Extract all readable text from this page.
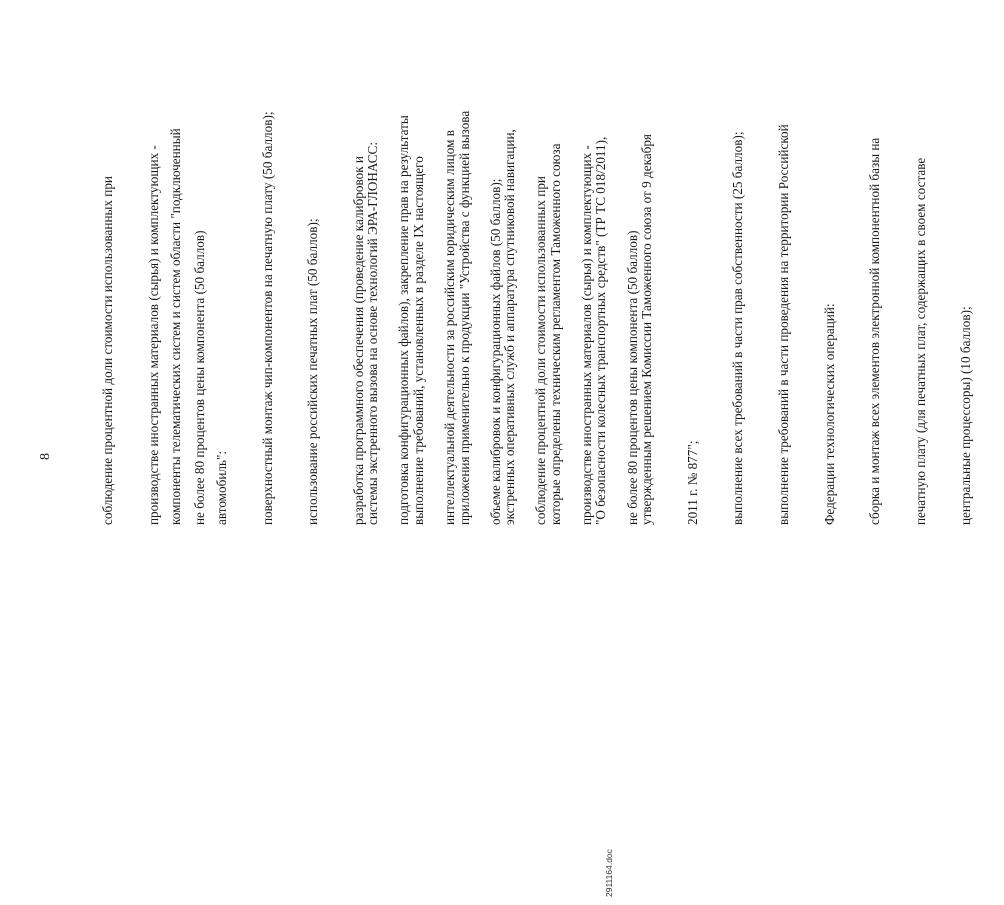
8

	соблюдение процентной доли стоимости использованных при

производстве иностранных материалов (сырья) и комплектующих -

не более 80 процентов цены компонента (50 баллов)

компоненты телематических систем и систем области "подключенный

автомобиль":

поверхностный монтаж чип-компонентов на печатную плату (50 баллов);

использование российских печатных плат (50 баллов);

разработка программного обеспечения (проведение калибровок и

подготовка конфигурационных файлов), закрепление прав на результаты

интеллектуальной деятельности за российским юридическим лицом в

объеме калибровок и конфигурационных файлов (50 баллов);

соблюдение процентной доли стоимости использованных при

производстве иностранных материалов (сырья) и комплектующих -

не более 80 процентов цены компонента (50 баллов)

системы экстренного вызова на основе технологий ЭРА-ГЛОНАСС:

выполнение требований, установленных в разделе IX настоящего

приложения применительно к продукции "Устройства с функцией вызова

экстренных оперативных служб и аппаратура спутниковой навигации,

которые определены техническим регламентом Таможенного союза

"О безопасности колесных транспортных средств" (ТР ТС 018/2011),

утвержденным решением Комиссии Таможенного союза от 9 декабря

2011 г. № 877";

выполнение всех требований в части прав собственности (25 баллов);

выполнение требований в части проведения на территории Российской

Федерации технологических операций:

сборка и монтаж всех элементов электронной компонентной базы на

печатную плату (для печатных плат, содержащих в своем составе

центральные процессоры) (10 баллов);

2911164.doc
